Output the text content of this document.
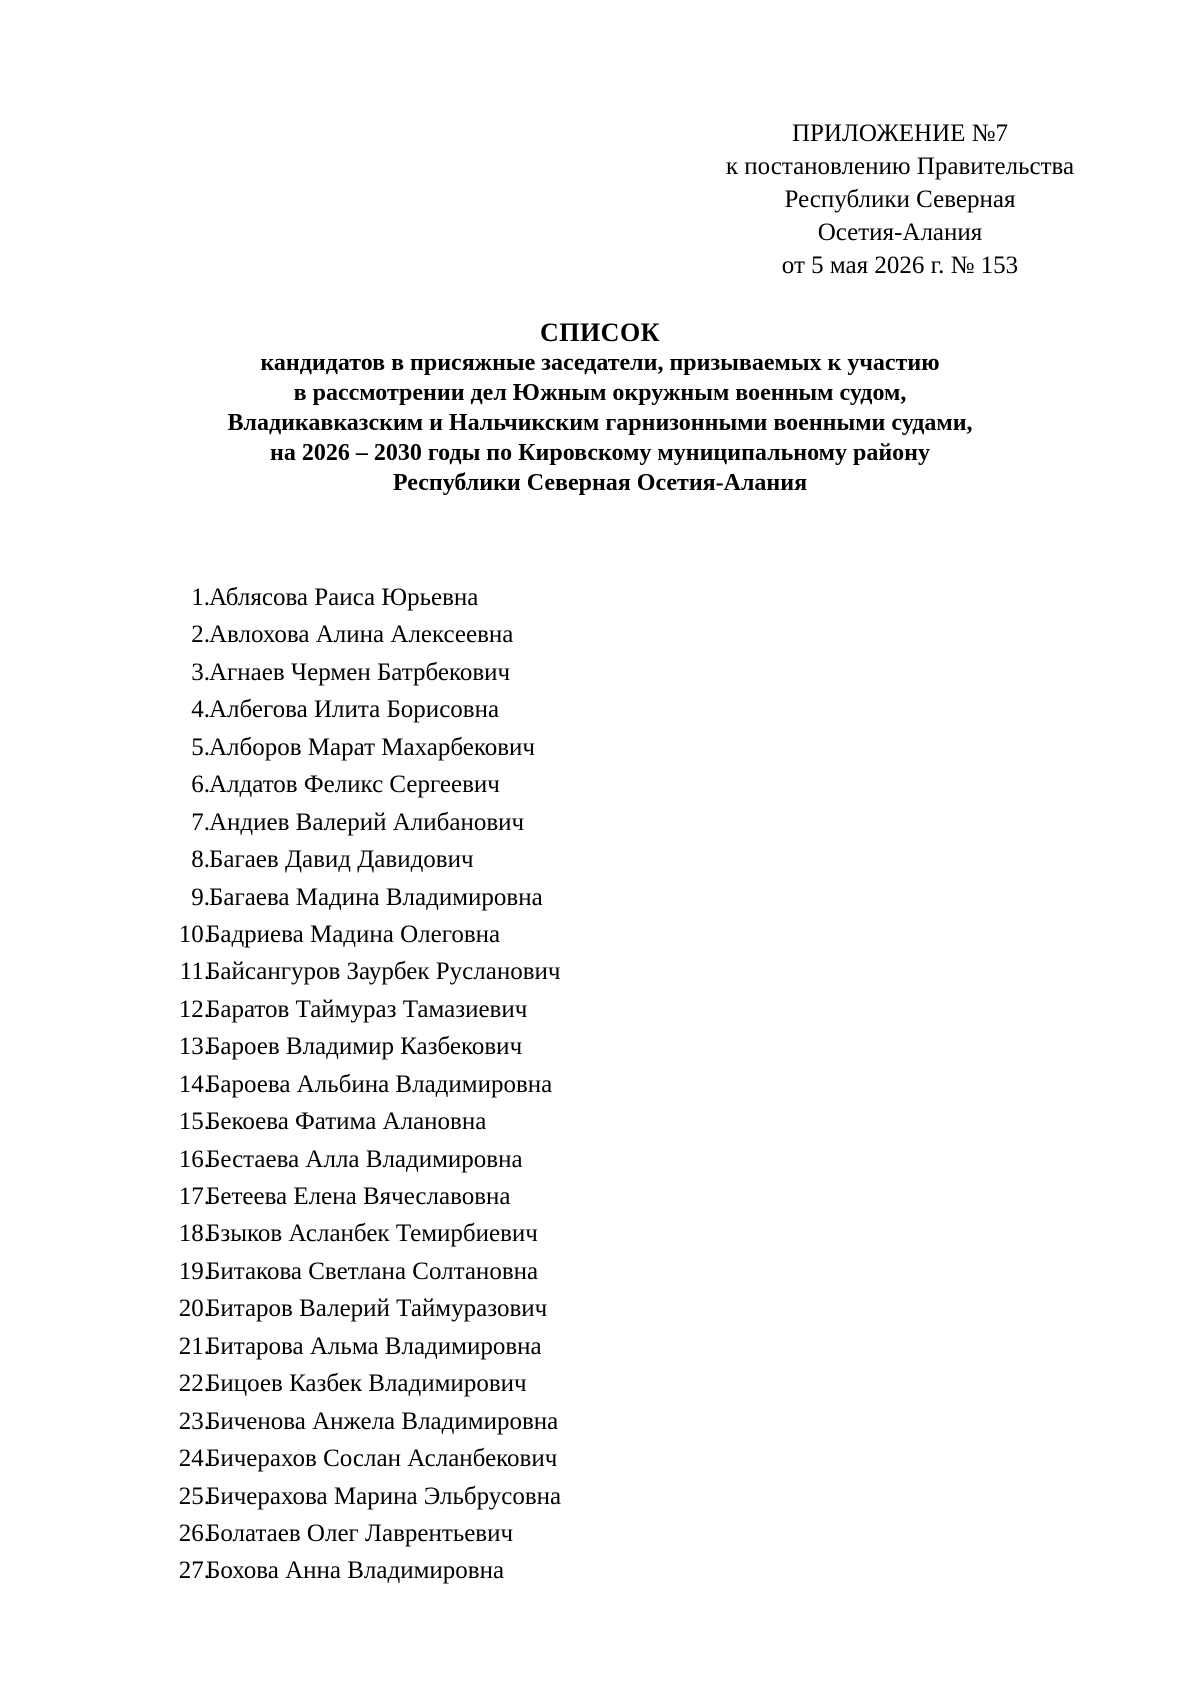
ПРИЛОЖЕНИЕ №7
к постановлению Правительства
Республики Северная
Осетия-Алания
от 5 мая 2026 г. № 153
СПИСОК
кандидатов в присяжные заседатели, призываемых к участию
в рассмотрении дел Южным окружным военным судом,
Владикавказским и Нальчикским гарнизонными военными судами,
на 2026 – 2030 годы по Кировскому муниципальному району
Республики Северная Осетия-Алания
1. Аблясова Раиса Юрьевна
2. Авлохова Алина Алексеевна
3. Агнаев Чермен Батрбекович
4. Албегова Илита Борисовна
5. Алборов Марат Махарбекович
6. Алдатов Феликс Сергеевич
7. Андиев Валерий Алибанович
8. Багаев Давид Давидович
9. Багаева Мадина Владимировна
10.
Бадриева Мадина Олеговна
11.
Байсангуров Заурбек Русланович
12.
Баратов Таймураз Тамазиевич
13.
Бароев Владимир Казбекович
14.
Бароева Альбина Владимировна
15.
Бекоева Фатима Алановна
16.
Бестаева Алла Владимировна
17.
Бетеева Елена Вячеславовна
18.
Бзыков Асланбек Темирбиевич
19.
Битакова Светлана Солтановна
20.
Битаров Валерий Таймуразович
21.
Битарова Альма Владимировна
22.
Бицоев Казбек Владимирович
23.
Биченова Анжела Владимировна
24.
Бичерахов Сослан Асланбекович
25.
Бичерахова Марина Эльбрусовна
26.
Болатаев Олег Лаврентьевич
27.
Бохова Анна Владимировна
